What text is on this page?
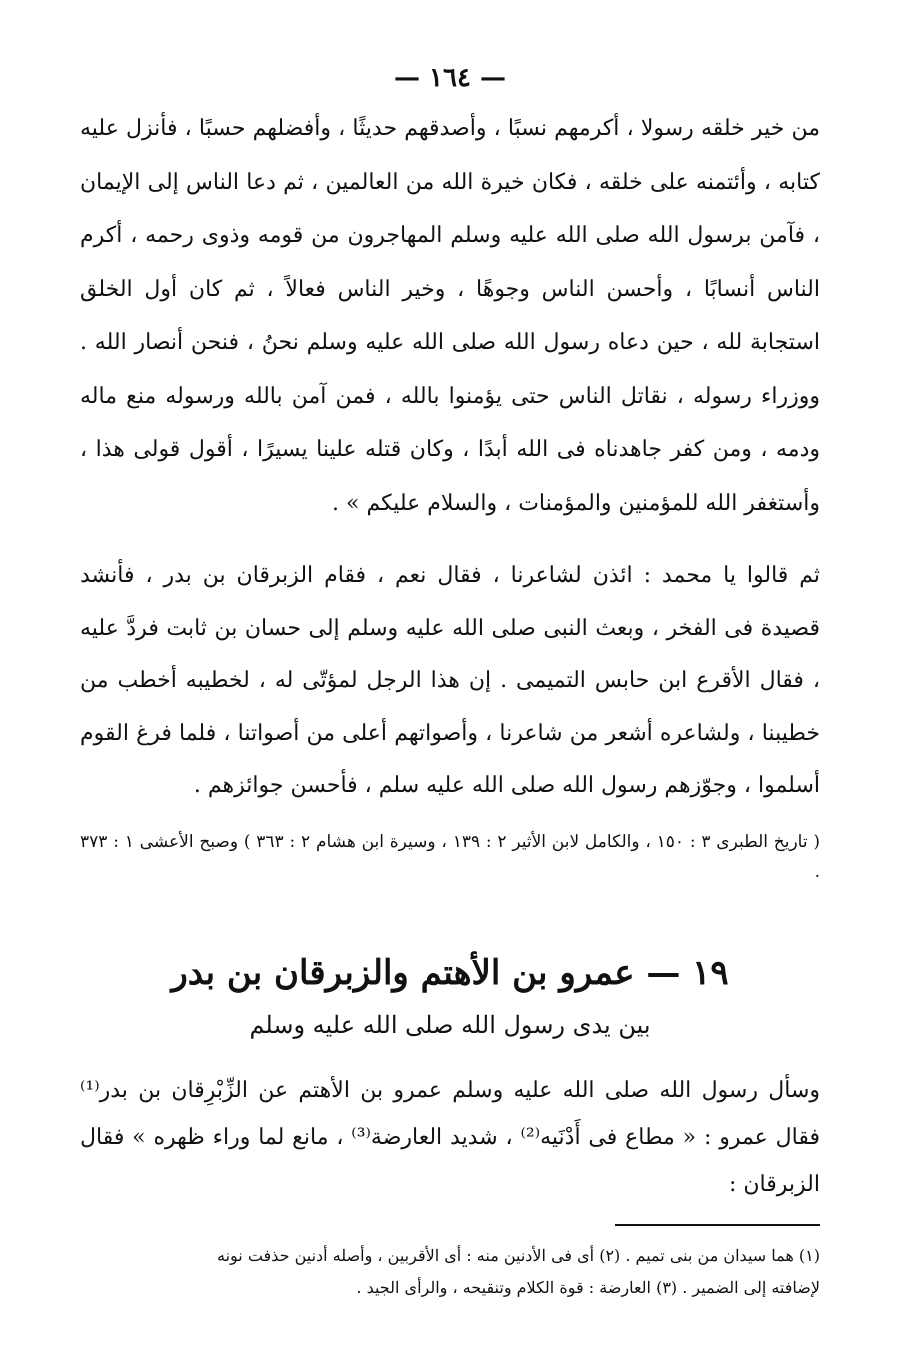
— ١٦٤ —

من خير خلقه رسولا ، أكرمهم نسبًا ، وأصدقهم حديثًا ، وأفضلهم حسبًا ، فأنزل عليه كتابه ، وأئتمنه على خلقه ، فكان خيرة الله من العالمين ، ثم دعا الناس إلى الإيمان ، فآمن برسول الله صلى الله عليه وسلم المهاجرون من قومه وذوى رحمه ، أكرم الناس أنسابًا ، وأحسن الناس وجوهًا ، وخير الناس فعالاً ، ثم كان أول الخلق استجابة لله ، حين دعاه رسول الله صلى الله عليه وسلم نحنُ ، فنحن أنصار الله . ووزراء رسوله ، نقاتل الناس حتى يؤمنوا بالله ، فمن آمن بالله ورسوله منع ماله ودمه ، ومن كفر جاهدناه فى الله أبدًا ، وكان قتله علينا يسيرًا ، أقول قولى هذا ، وأستغفر الله للمؤمنين والمؤمنات ، والسلام عليكم » .

ثم قالوا يا محمد : ائذن لشاعرنا ، فقال نعم ، فقام الزبرقان بن بدر ، فأنشد قصيدة فى الفخر ، وبعث النبى صلى الله عليه وسلم إلى حسان بن ثابت فردَّ عليه ، فقال الأقرع ابن حابس التميمى . إن هذا الرجل لمؤتّى له ، لخطيبه أخطب من خطيبنا ، ولشاعره أشعر من شاعرنا ، وأصواتهم أعلى من أصواتنا ، فلما فرغ القوم أسلموا ، وجوّزهم رسول الله صلى الله عليه سلم ، فأحسن جوائزهم .

( تاريخ الطبرى ٣ : ١٥٠ ، والكامل لابن الأثير ٢ : ١٣٩ ، وسيرة ابن هشام ٢ : ٣٦٣ ) وصبح الأعشى ١ : ٣٧٣ .

١٩ — عمرو بن الأهتم والزبرقان بن بدر
بين يدى رسول الله صلى الله عليه وسلم

وسأل رسول الله صلى الله عليه وسلم عمرو بن الأهتم عن الزِّبْرِقان بن بدر⁽¹⁾ فقال عمرو : « مطاع فى أَدْنَيه⁽²⁾ ، شديد العارضة⁽³⁾ ، مانع لما وراء ظهره » فقال الزبرقان :

(١) هما سيدان من بنى تميم . (٢) أى فى الأدنين منه : أى الأقربين ، وأصله أدنين حذفت نونه

لإضافته إلى الضمير . (٣) العارضة : قوة الكلام وتنقيحه ، والرأى الجيد .
